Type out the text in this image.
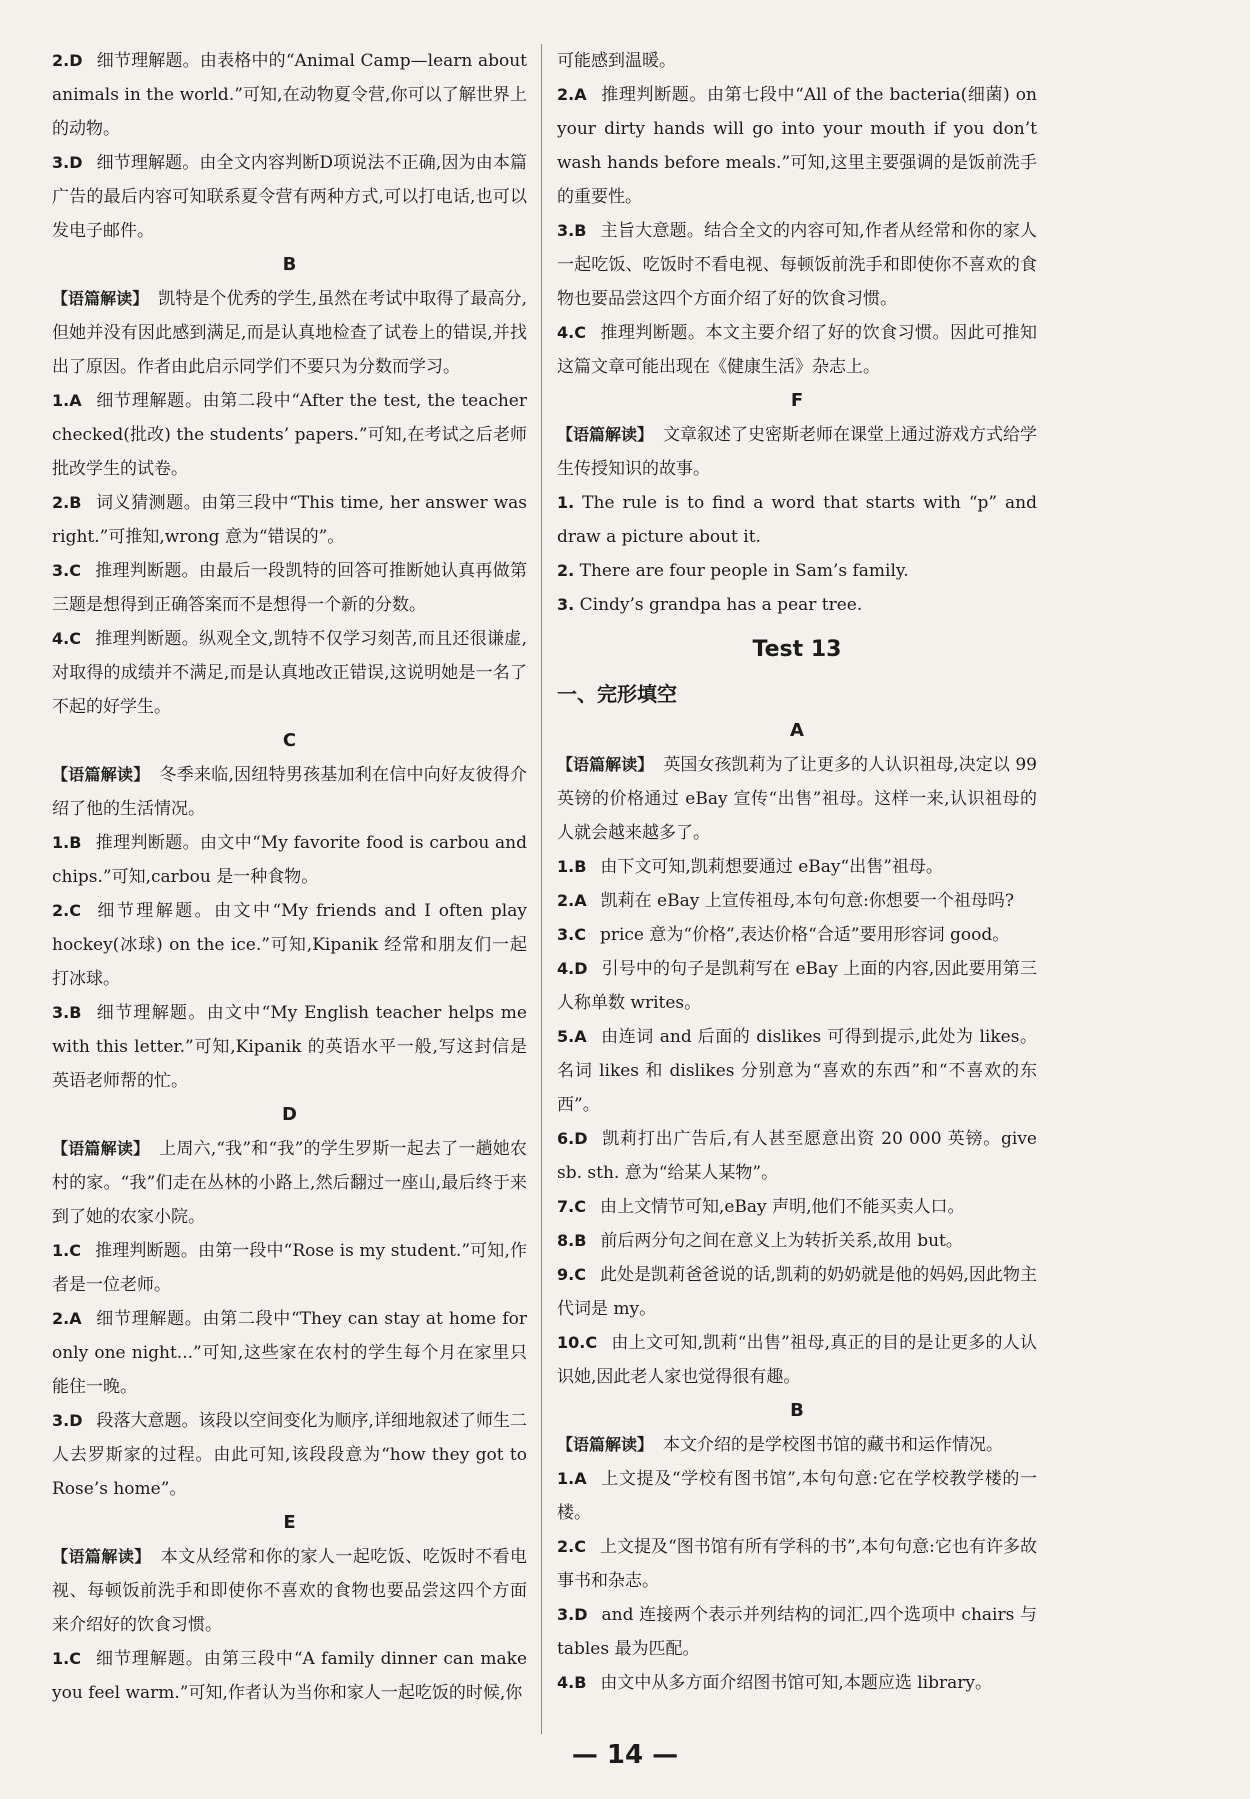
2.D 细节理解题。由表格中的“Animal Camp—learn about animals in the world.”可知,在动物夏令营,你可以了解世界上的动物。

3.D 细节理解题。由全文内容判断D项说法不正确,因为由本篇广告的最后内容可知联系夏令营有两种方式,可以打电话,也可以发电子邮件。

B

【语篇解读】 凯特是个优秀的学生,虽然在考试中取得了最高分,但她并没有因此感到满足,而是认真地检查了试卷上的错误,并找出了原因。作者由此启示同学们不要只为分数而学习。

1.A 细节理解题。由第二段中“After the test, the teacher checked(批改) the students’ papers.”可知,在考试之后老师批改学生的试卷。

2.B 词义猜测题。由第三段中“This time, her answer was right.”可推知,wrong 意为“错误的”。

3.C 推理判断题。由最后一段凯特的回答可推断她认真再做第三题是想得到正确答案而不是想得一个新的分数。

4.C 推理判断题。纵观全文,凯特不仅学习刻苦,而且还很谦虚,对取得的成绩并不满足,而是认真地改正错误,这说明她是一名了不起的好学生。

C

【语篇解读】 冬季来临,因纽特男孩基加利在信中向好友彼得介绍了他的生活情况。

1.B 推理判断题。由文中“My favorite food is carbou and chips.”可知,carbou 是一种食物。

2.C 细节理解题。由文中“My friends and I often play hockey(冰球) on the ice.”可知,Kipanik 经常和朋友们一起打冰球。

3.B 细节理解题。由文中“My English teacher helps me with this letter.”可知,Kipanik 的英语水平一般,写这封信是英语老师帮的忙。

D

【语篇解读】 上周六,“我”和“我”的学生罗斯一起去了一趟她农村的家。“我”们走在丛林的小路上,然后翻过一座山,最后终于来到了她的农家小院。

1.C 推理判断题。由第一段中“Rose is my student.”可知,作者是一位老师。

2.A 细节理解题。由第二段中“They can stay at home for only one night...”可知,这些家在农村的学生每个月在家里只能住一晚。

3.D 段落大意题。该段以空间变化为顺序,详细地叙述了师生二人去罗斯家的过程。由此可知,该段段意为“how they got to Rose’s home”。

E

【语篇解读】 本文从经常和你的家人一起吃饭、吃饭时不看电视、每顿饭前洗手和即使你不喜欢的食物也要品尝这四个方面来介绍好的饮食习惯。

1.C 细节理解题。由第三段中“A family dinner can make you feel warm.”可知,作者认为当你和家人一起吃饭的时候,你

可能感到温暖。

2.A 推理判断题。由第七段中“All of the bacteria(细菌) on your dirty hands will go into your mouth if you don’t wash hands before meals.”可知,这里主要强调的是饭前洗手的重要性。

3.B 主旨大意题。结合全文的内容可知,作者从经常和你的家人一起吃饭、吃饭时不看电视、每顿饭前洗手和即使你不喜欢的食物也要品尝这四个方面介绍了好的饮食习惯。

4.C 推理判断题。本文主要介绍了好的饮食习惯。因此可推知这篇文章可能出现在《健康生活》杂志上。

F

【语篇解读】 文章叙述了史密斯老师在课堂上通过游戏方式给学生传授知识的故事。

1. The rule is to find a word that starts with “p” and draw a picture about it.

2. There are four people in Sam’s family.

3. Cindy’s grandpa has a pear tree.

Test 13

一、完形填空

A

【语篇解读】 英国女孩凯莉为了让更多的人认识祖母,决定以 99 英镑的价格通过 eBay 宣传“出售”祖母。这样一来,认识祖母的人就会越来越多了。

1.B 由下文可知,凯莉想要通过 eBay“出售”祖母。

2.A 凯莉在 eBay 上宣传祖母,本句句意:你想要一个祖母吗?

3.C price 意为“价格”,表达价格“合适”要用形容词 good。

4.D 引号中的句子是凯莉写在 eBay 上面的内容,因此要用第三人称单数 writes。

5.A 由连词 and 后面的 dislikes 可得到提示,此处为 likes。名词 likes 和 dislikes 分别意为“喜欢的东西”和“不喜欢的东西”。

6.D 凯莉打出广告后,有人甚至愿意出资 20 000 英镑。give sb. sth. 意为“给某人某物”。

7.C 由上文情节可知,eBay 声明,他们不能买卖人口。

8.B 前后两分句之间在意义上为转折关系,故用 but。

9.C 此处是凯莉爸爸说的话,凯莉的奶奶就是他的妈妈,因此物主代词是 my。

10.C 由上文可知,凯莉“出售”祖母,真正的目的是让更多的人认识她,因此老人家也觉得很有趣。

B

【语篇解读】 本文介绍的是学校图书馆的藏书和运作情况。

1.A 上文提及“学校有图书馆”,本句句意:它在学校教学楼的一楼。

2.C 上文提及“图书馆有所有学科的书”,本句句意:它也有许多故事书和杂志。

3.D and 连接两个表示并列结构的词汇,四个选项中 chairs 与 tables 最为匹配。

4.B 由文中从多方面介绍图书馆可知,本题应选 library。

— 14 —
